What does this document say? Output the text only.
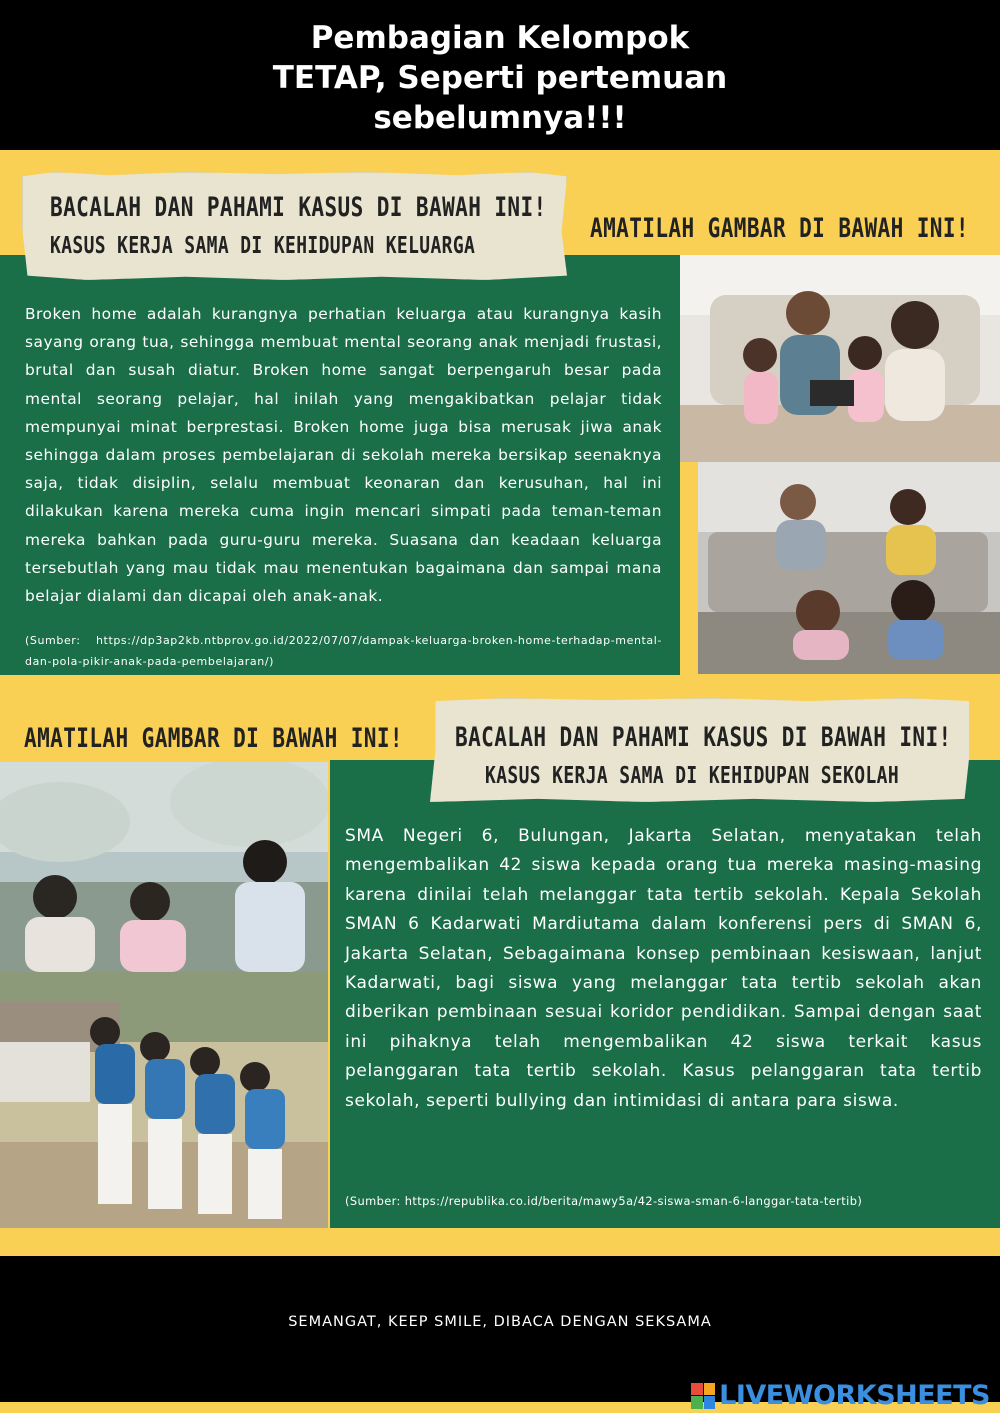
Pembagian Kelompok
TETAP, Seperti pertemuan
sebelumnya!!!
BACALAH DAN PAHAMI KASUS DI BAWAH INI!
KASUS KERJA SAMA DI KEHIDUPAN KELUARGA
AMATILAH GAMBAR DI BAWAH INI!
Broken home adalah kurangnya perhatian keluarga atau kurangnya kasih sayang orang tua, sehingga membuat mental seorang anak menjadi frustasi, brutal dan susah diatur. Broken home sangat berpengaruh besar pada mental seorang pelajar, hal inilah yang mengakibatkan pelajar tidak mempunyai minat berprestasi. Broken home juga bisa merusak jiwa anak sehingga dalam proses pembelajaran di sekolah mereka bersikap seenaknya saja, tidak disiplin, selalu membuat keonaran dan kerusuhan, hal ini dilakukan karena mereka cuma ingin mencari simpati pada teman-teman mereka bahkan pada guru-guru mereka. Suasana dan keadaan keluarga tersebutlah yang mau tidak mau menentukan bagaimana dan sampai mana belajar dialami dan dicapai oleh anak-anak.
(Sumber: https://dp3ap2kb.ntbprov.go.id/2022/07/07/dampak-keluarga-broken-home-terhadap-mental-dan-pola-pikir-anak-pada-pembelajaran/)
AMATILAH GAMBAR DI BAWAH INI! BACALAH DAN PAHAMI KASUS DI BAWAH INI!
KASUS KERJA SAMA DI KEHIDUPAN SEKOLAH
SMA Negeri 6, Bulungan, Jakarta Selatan, menyatakan telah mengembalikan 42 siswa kepada orang tua mereka masing-masing karena dinilai telah melanggar tata tertib sekolah. Kepala Sekolah SMAN 6 Kadarwati Mardiutama dalam konferensi pers di SMAN 6, Jakarta Selatan, Sebagaimana konsep pembinaan kesiswaan, lanjut Kadarwati, bagi siswa yang melanggar tata tertib sekolah akan diberikan pembinaan sesuai koridor pendidikan. Sampai dengan saat ini pihaknya telah mengembalikan 42 siswa terkait kasus pelanggaran tata tertib sekolah. Kasus pelanggaran tata tertib sekolah, seperti bullying dan intimidasi di antara para siswa.
(Sumber: https://republika.co.id/berita/mawy5a/42-siswa-sman-6-langgar-tata-tertib)
SEMANGAT, KEEP SMILE, DIBACA DENGAN SEKSAMA
LIVEWORKSHEETS
